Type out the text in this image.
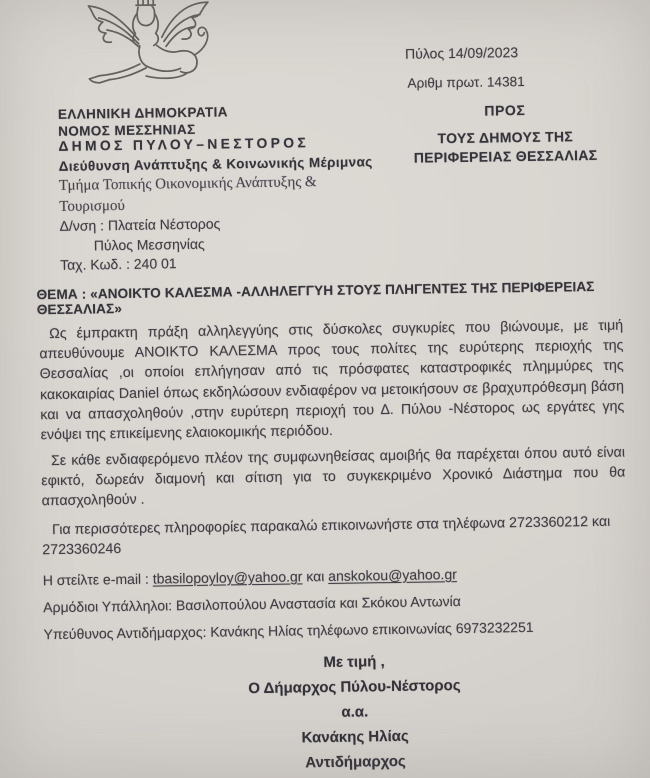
ΕΛΛΗΝΙΚΗ ΔΗΜΟΚΡΑΤΙΑ
ΝΟΜΟΣ ΜΕΣΣΗΝΙΑΣ
ΔΗΜΟΣ ΠΥΛΟΥ–ΝΕΣΤΟΡΟΣ
Διεύθυνση Ανάπτυξης & Κοινωνικής Μέριμνας
Τμήμα Τοπικής Οικονομικής Ανάπτυξης &
Τουρισμού
Δ/νση : Πλατεία Νέστορος
Πύλος Μεσσηνίας
Ταχ. Κωδ. : 240 01
Πύλος 14/09/2023
Αριθμ πρωτ. 14381
ΠΡΟΣ
ΤΟΥΣ ΔΗΜΟΥΣ ΤΗΣ
ΠΕΡΙΦΕΡΕΙΑΣ ΘΕΣΣΑΛΙΑΣ
ΘΕΜΑ : «ΑΝΟΙΚΤΟ ΚΑΛΕΣΜΑ -ΑΛΛΗΛΕΓΓΥΗ ΣΤΟΥΣ ΠΛΗΓΕΝΤΕΣ ΤΗΣ ΠΕΡΙΦΕΡΕΙΑΣ ΘΕΣΣΑΛΙΑΣ»
Ως έμπρακτη πράξη αλληλεγγύης στις δύσκολες συγκυρίες που βιώνουμε, με τιμή απευθύνουμε ΑΝΟΙΚΤΟ ΚΑΛΕΣΜΑ προς τους πολίτες της ευρύτερης περιοχής της Θεσσαλίας ,οι οποίοι επλήγησαν από τις πρόσφατες καταστροφικές πλημμύρες της κακοκαιρίας Daniel όπως εκδηλώσουν ενδιαφέρον να μετοικήσουν σε βραχυπρόθεσμη βάση και να απασχοληθούν ,στην ευρύτερη περιοχή του Δ. Πύλου -Νέστορος ως εργάτες γης ενόψει της επικείμενης ελαιοκομικής περιόδου.
Σε κάθε ενδιαφερόμενο πλέον της συμφωνηθείσας αμοιβής θα παρέχεται όπου αυτό είναι εφικτό, δωρεάν διαμονή και σίτιση για το συγκεκριμένο Χρονικό Διάστημα που θα απασχοληθούν .
Για περισσότερες πληροφορίες παρακαλώ επικοινωνήστε στα τηλέφωνα 2723360212 και 2723360246
Η στείλτε e-mail : tbasilopoyloy@yahoo.gr και anskokou@yahoo.gr
Αρμόδιοι Υπάλληλοι: Βασιλοπούλου Αναστασία και Σκόκου Αντωνία
Υπεύθυνος Αντιδήμαρχος: Κανάκης Ηλίας τηλέφωνο επικοινωνίας 6973232251
Με τιμή ,
Ο Δήμαρχος Πύλου-Νέστορος
α.α.
Κανάκης Ηλίας
Αντιδήμαρχος
